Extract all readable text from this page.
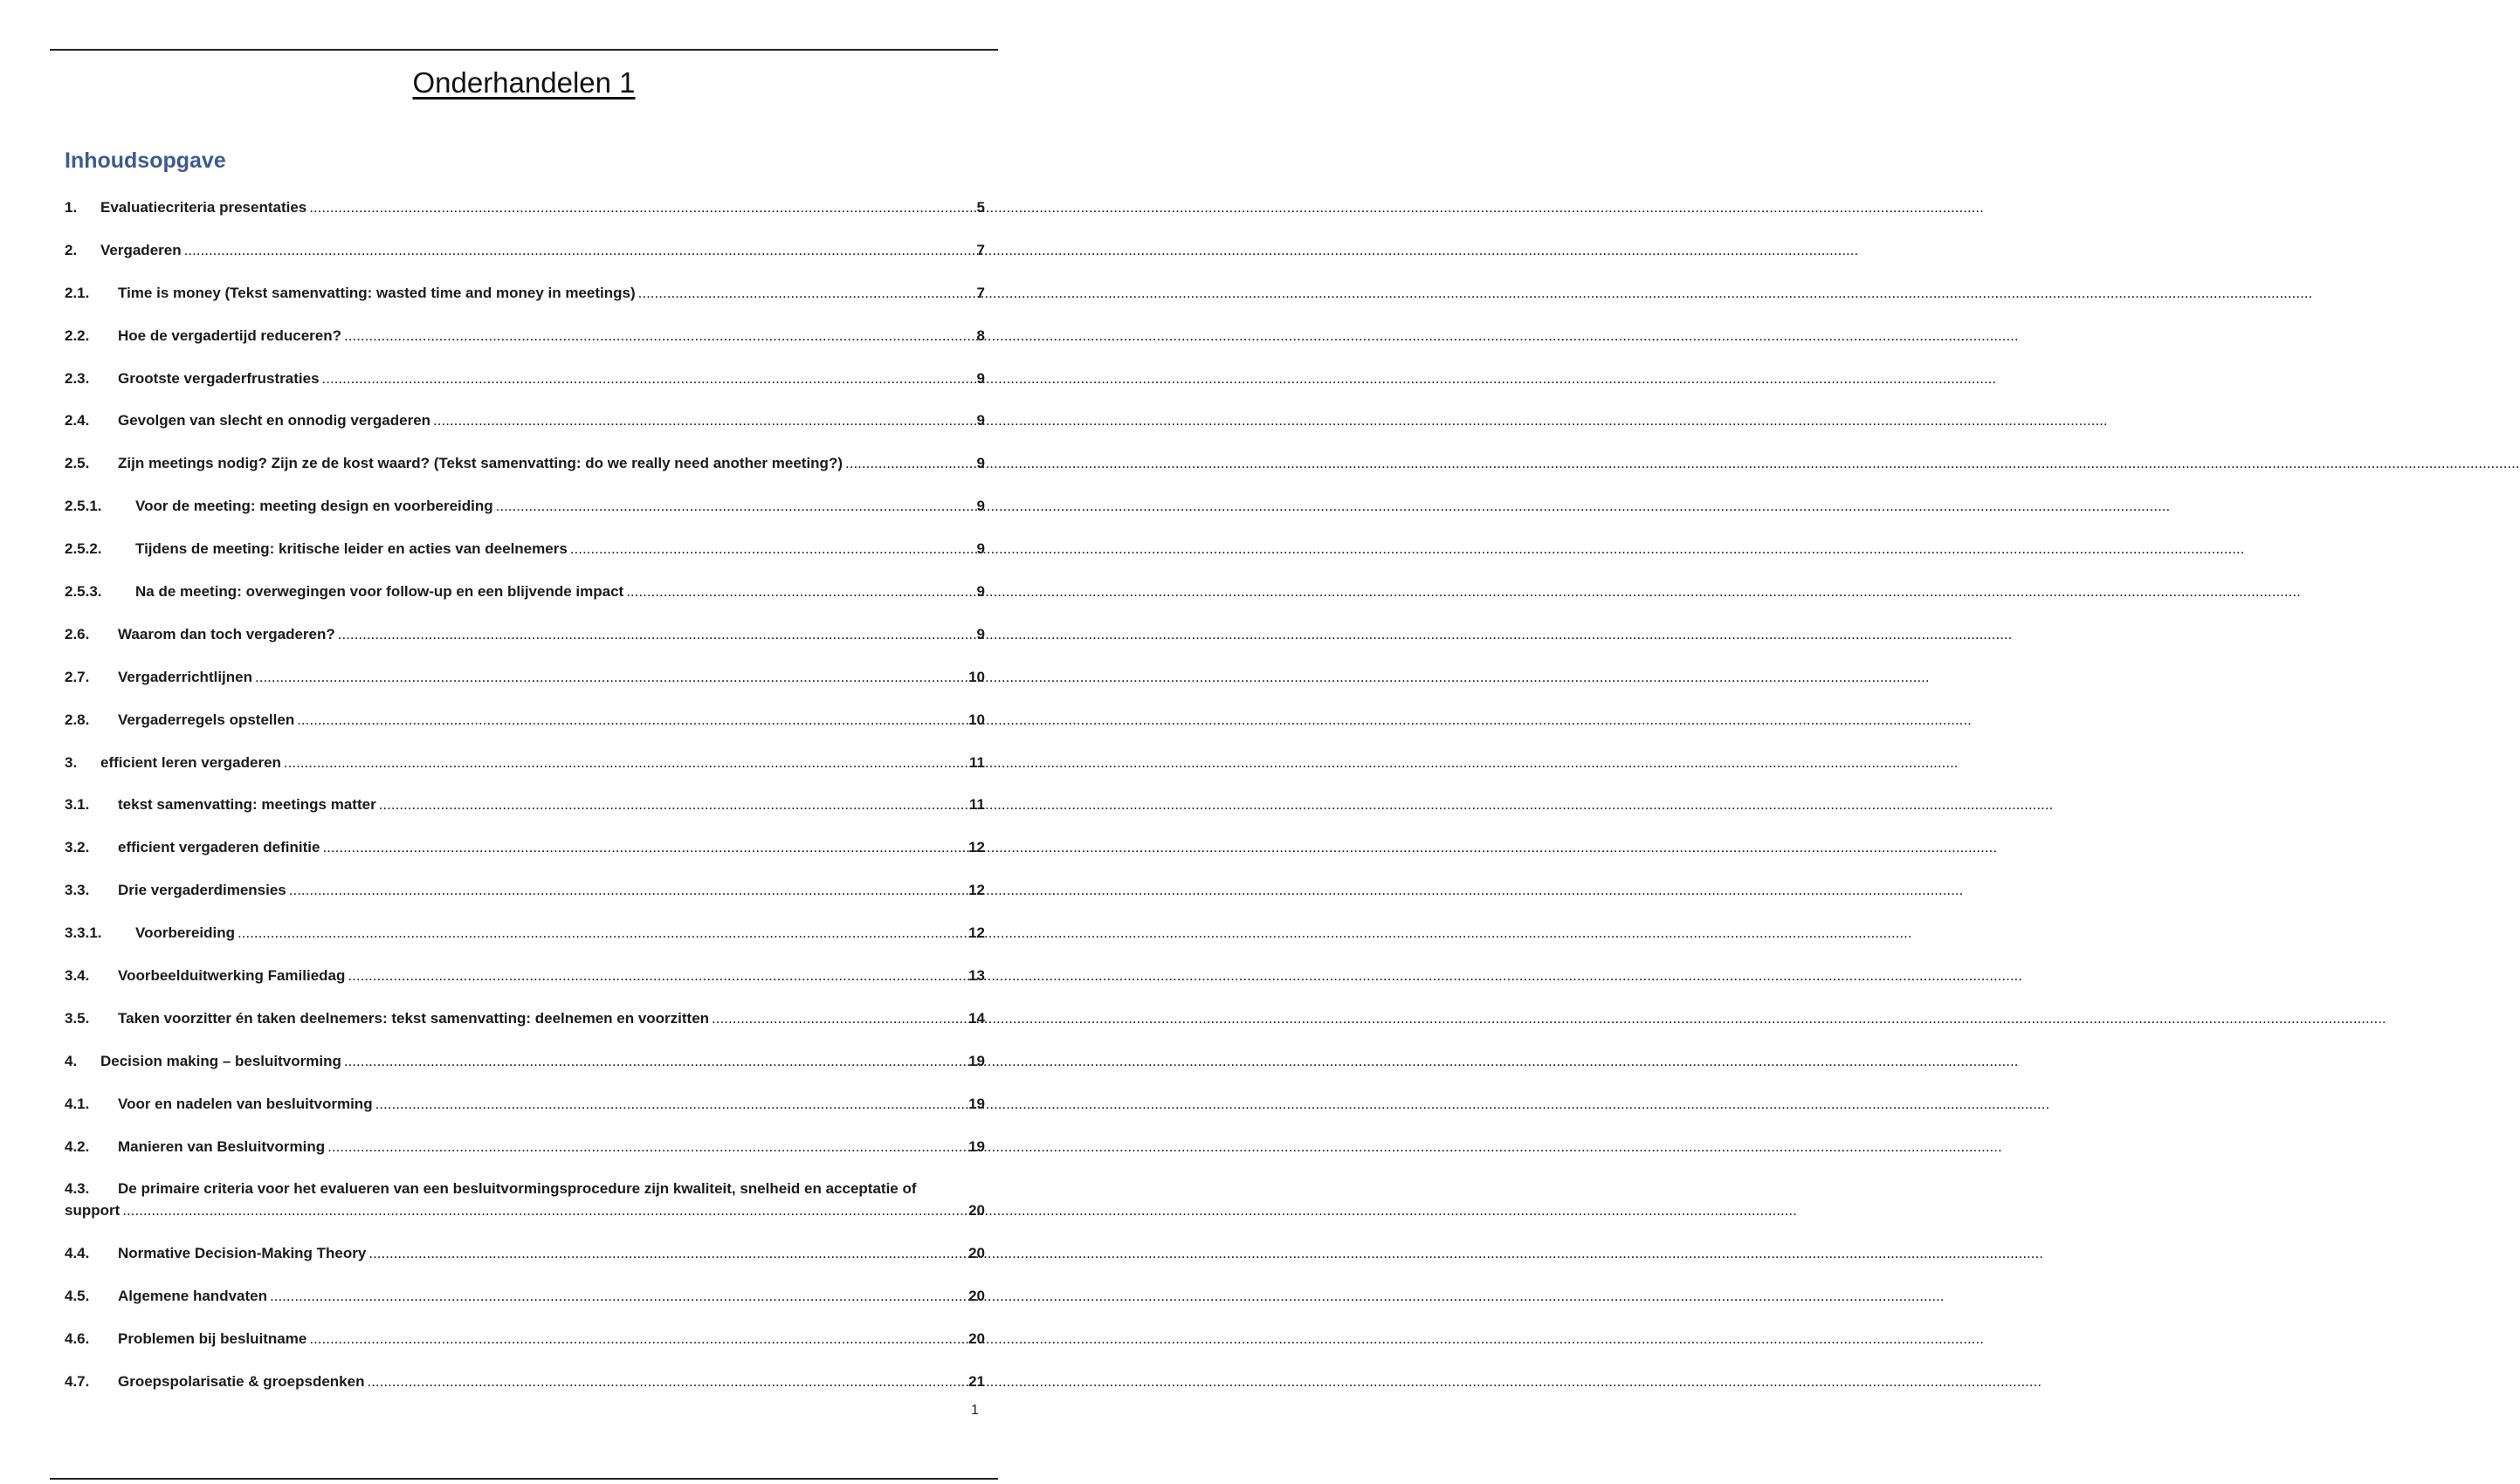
Onderhandelen 1
Inhoudsopgave
1.	Evaluatiecriteria presentaties .....	5
2.	Vergaderen .....	7
2.1.	Time is money (Tekst samenvatting: wasted time and money in meetings) .....	7
2.2.	Hoe de vergadertijd reduceren? .....	8
2.3.	Grootste vergaderfrustraties .....	9
2.4.	Gevolgen van slecht en onnodig vergaderen .....	9
2.5.	Zijn meetings nodig? Zijn ze de kost waard? (Tekst samenvatting: do we really need another meeting?) .....	9
2.5.1.	Voor de meeting: meeting design en voorbereiding .....	9
2.5.2.	Tijdens de meeting: kritische leider en acties van deelnemers .....	9
2.5.3.	Na de meeting: overwegingen voor follow-up en een blijvende impact .....	9
2.6.	Waarom dan toch vergaderen? .....	9
2.7.	Vergaderrichtlijnen .....	10
2.8.	Vergaderregels opstellen .....	10
3.	efficient leren vergaderen .....	11
3.1.	tekst samenvatting: meetings matter .....	11
3.2.	efficient vergaderen definitie .....	12
3.3.	Drie vergaderdimensies .....	12
3.3.1.	Voorbereiding .....	12
3.4.	Voorbeelduitwerking Familiedag .....	13
3.5.	Taken voorzitter én taken deelnemers: tekst samenvatting: deelnemen en voorzitten .....	14
4.	Decision making – besluitvorming .....	19
4.1.	Voor en nadelen van besluitvorming .....	19
4.2.	Manieren van Besluitvorming .....	19
4.3.	De primaire criteria voor het evalueren van een besluitvormingsprocedure zijn kwaliteit, snelheid en acceptatie of
support .....	20
4.4.	Normative Decision-Making Theory .....	20
4.5.	Algemene handvaten .....	20
4.6.	Problemen bij besluitname .....	20
4.7.	Groepspolarisatie & groepsdenken .....	21
1
